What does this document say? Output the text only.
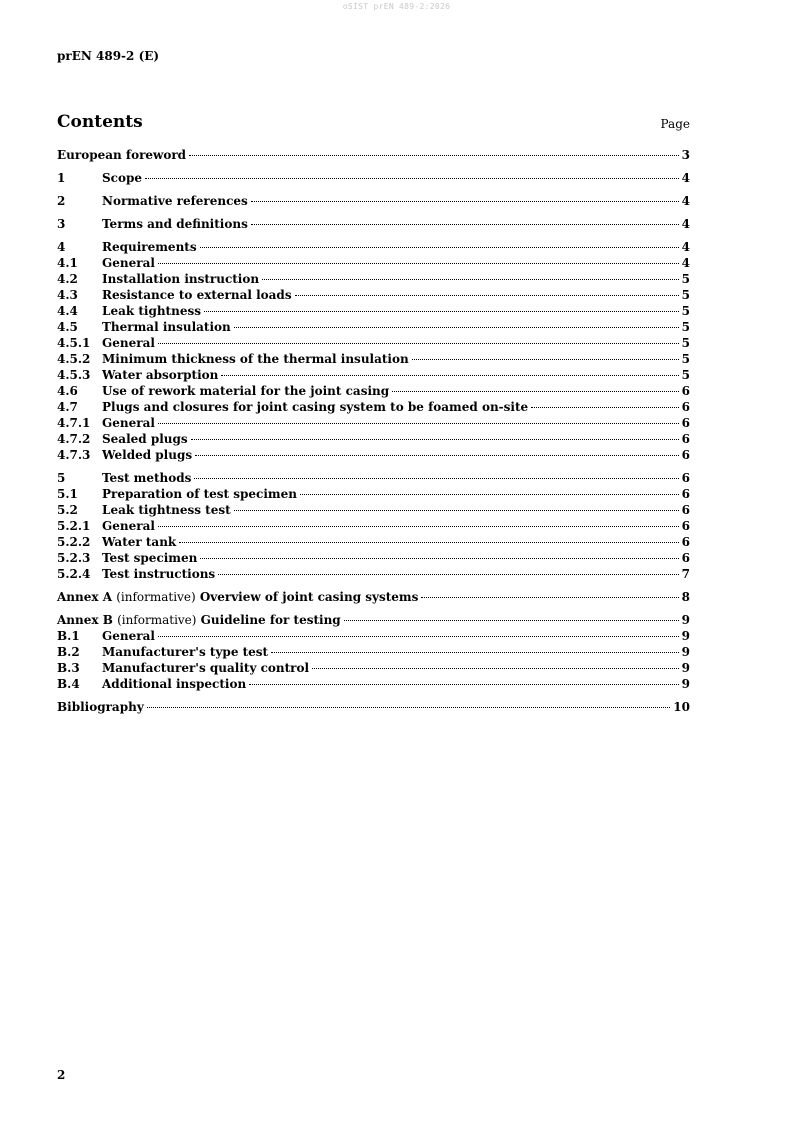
oSIST prEN 489-2:2026
prEN 489-2 (E)
Contents	Page
European foreword	3
1	Scope	4
2	Normative references	4
3	Terms and definitions	4
4	Requirements	4
4.1	General	4
4.2	Installation instruction	5
4.3	Resistance to external loads	5
4.4	Leak tightness	5
4.5	Thermal insulation	5
4.5.1 General	5
4.5.2 Minimum thickness of the thermal insulation	5
4.5.3 Water absorption	5
4.6	Use of rework material for the joint casing	6
4.7	Plugs and closures for joint casing system to be foamed on-site	6
4.7.1 General	6
4.7.2 Sealed plugs	6
4.7.3 Welded plugs	6
5	Test methods	6
5.1	Preparation of test specimen	6
5.2	Leak tightness test	6
5.2.1 General	6
5.2.2 Water tank	6
5.2.3 Test specimen	6
5.2.4 Test instructions	7
Annex A (informative) Overview of joint casing systems	8
Annex B (informative) Guideline for testing	9
B.1	General	9
B.2	Manufacturer's type test	9
B.3	Manufacturer's quality control	9
B.4	Additional inspection	9
Bibliography	10
2
